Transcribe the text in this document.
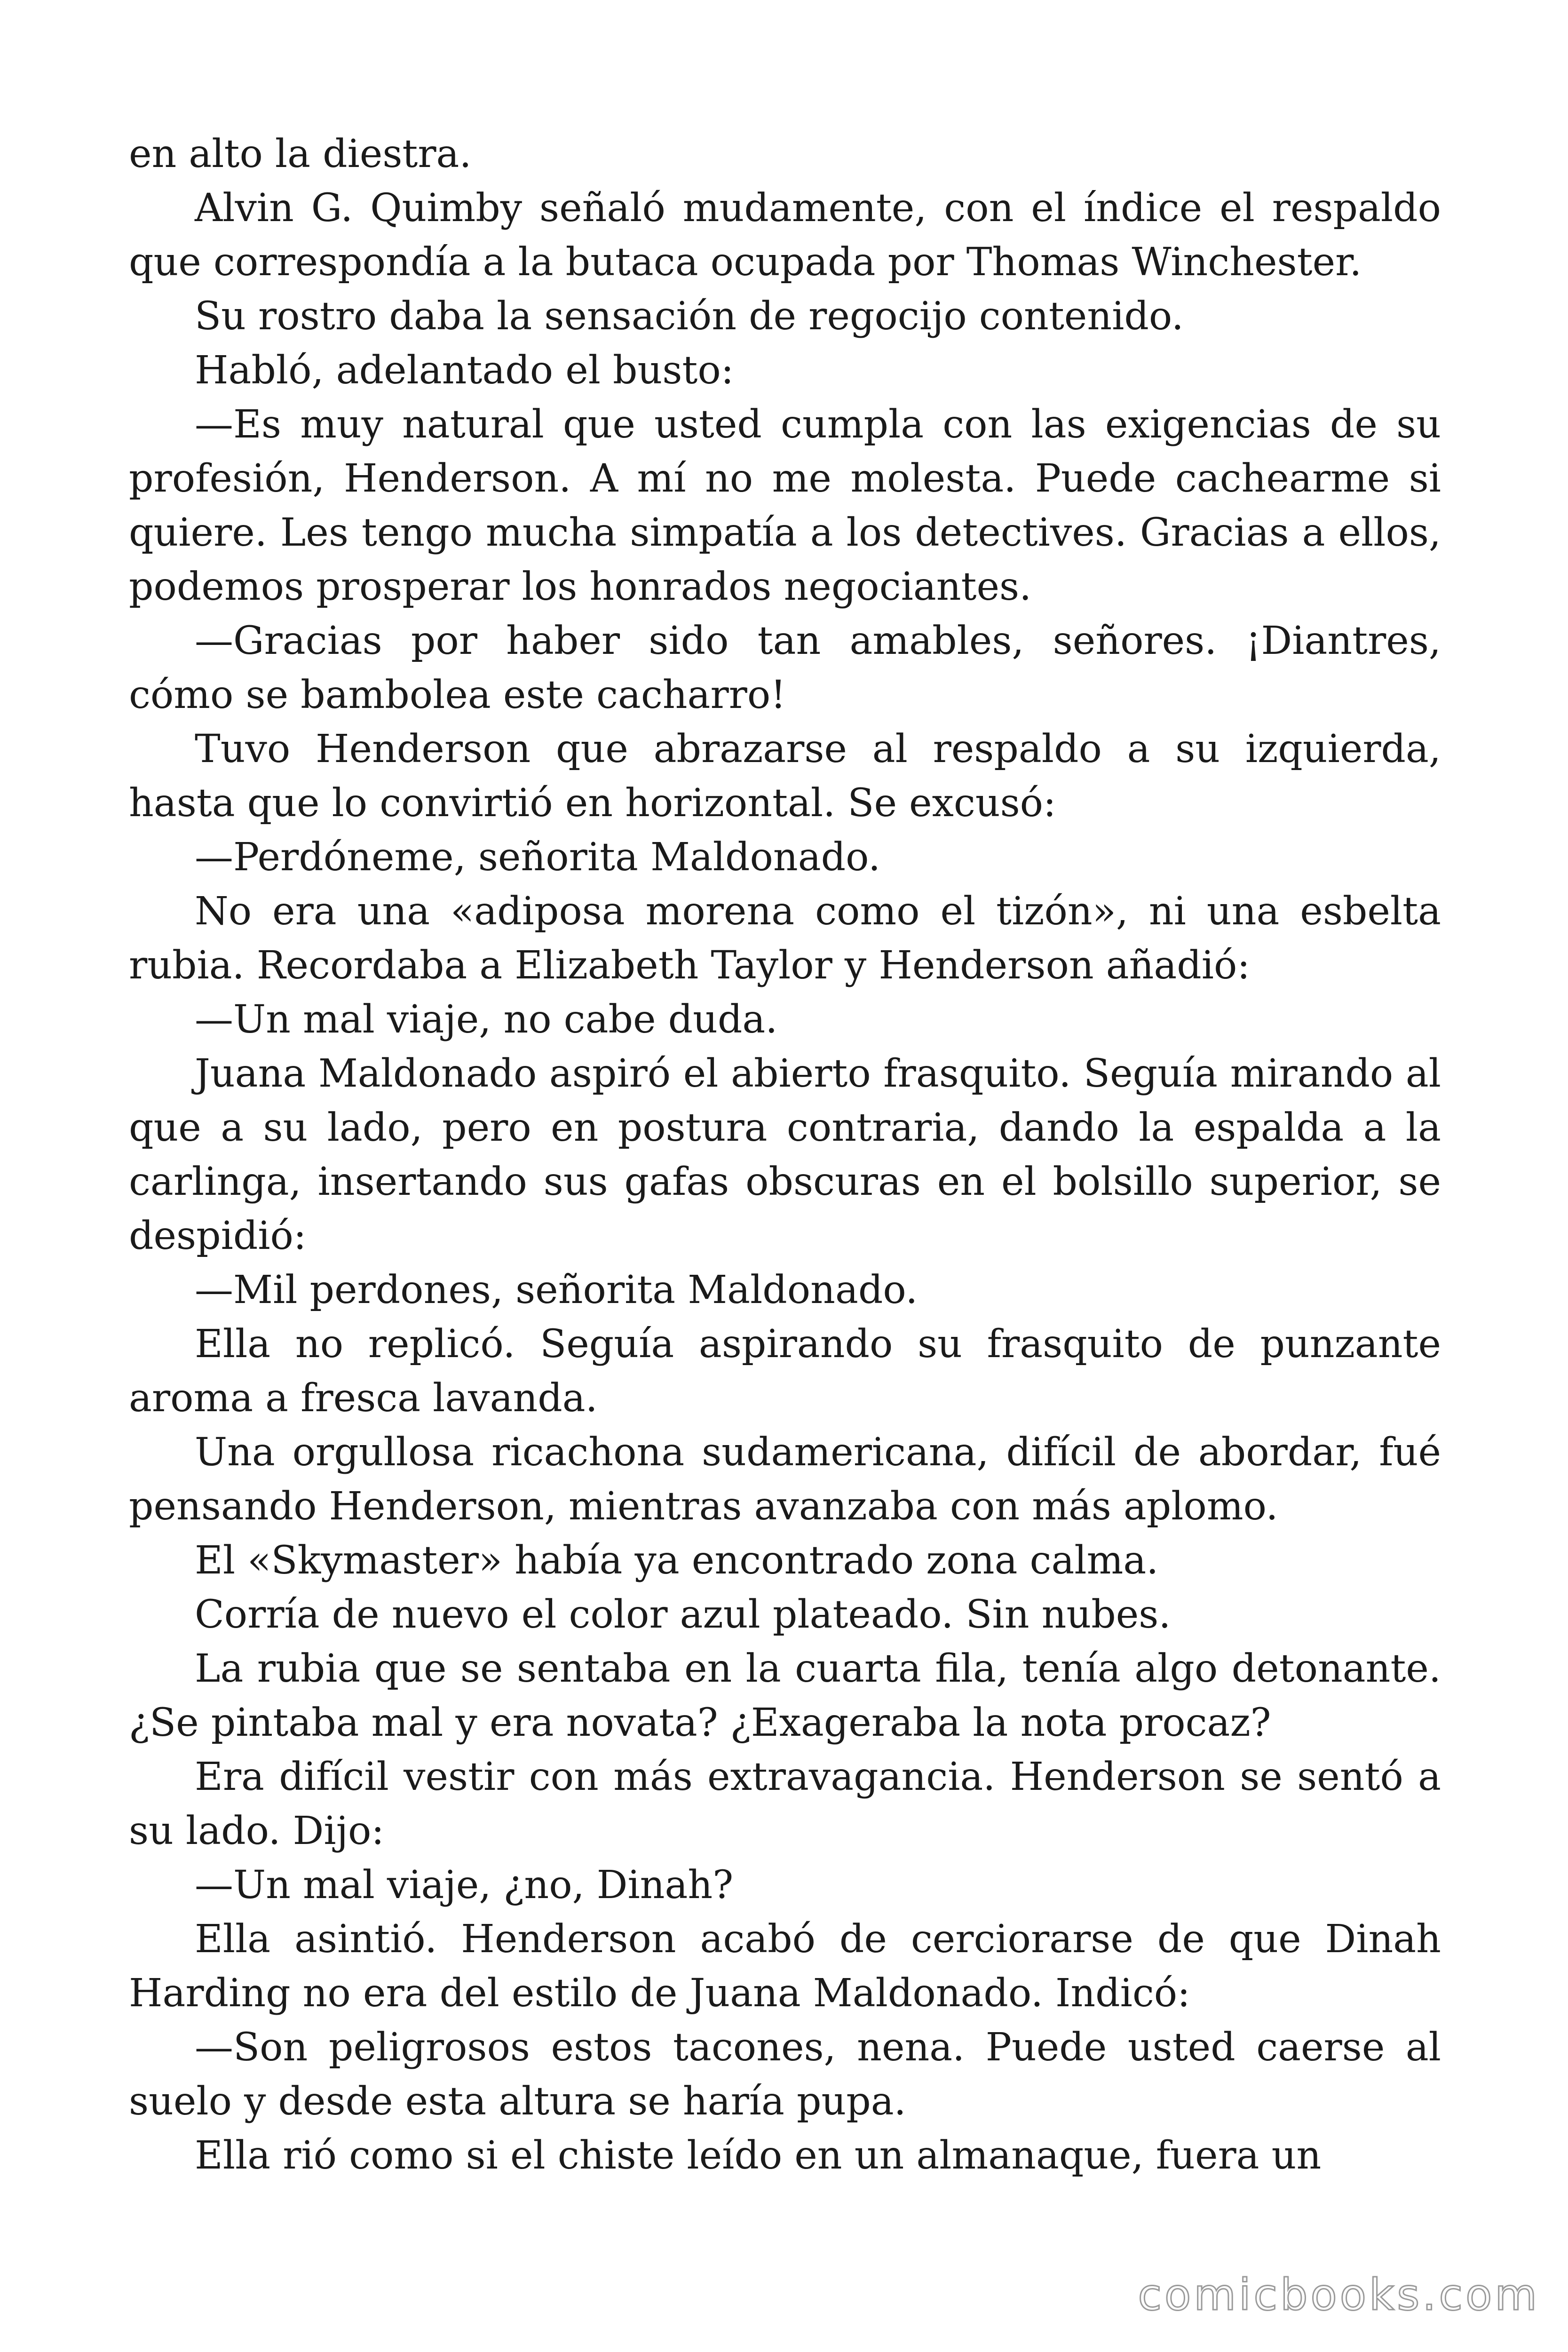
en alto la diestra.

Alvin G. Quimby señaló mudamente, con el índice el respaldo que correspondía a la butaca ocupada por Thomas Winchester.

Su rostro daba la sensación de regocijo contenido.

Habló, adelantado el busto:

—Es muy natural que usted cumpla con las exigencias de su profesión, Henderson. A mí no me molesta. Puede cachearme si quiere. Les tengo mucha simpatía a los detectives. Gracias a ellos, podemos prosperar los honrados negociantes.

—Gracias por haber sido tan amables, señores. ¡Diantres, cómo se bambolea este cacharro!

Tuvo Henderson que abrazarse al respaldo a su izquierda, hasta que lo convirtió en horizontal. Se excusó:

—Perdóneme, señorita Maldonado.

No era una «adiposa morena como el tizón», ni una esbelta rubia. Recordaba a Elizabeth Taylor y Henderson añadió:

—Un mal viaje, no cabe duda.

Juana Maldonado aspiró el abierto frasquito. Seguía mirando al que a su lado, pero en postura contraria, dando la espalda a la carlinga, insertando sus gafas obscuras en el bolsillo superior, se despidió:

—Mil perdones, señorita Maldonado.

Ella no replicó. Seguía aspirando su frasquito de punzante aroma a fresca lavanda.

Una orgullosa ricachona sudamericana, difícil de abordar, fué pensando Henderson, mientras avanzaba con más aplomo.

El «Skymaster» había ya encontrado zona calma.

Corría de nuevo el color azul plateado. Sin nubes.

La rubia que se sentaba en la cuarta fila, tenía algo detonante. ¿Se pintaba mal y era novata? ¿Exageraba la nota procaz?

Era difícil vestir con más extravagancia. Henderson se sentó a su lado. Dijo:

—Un mal viaje, ¿no, Dinah?

Ella asintió. Henderson acabó de cerciorarse de que Dinah Harding no era del estilo de Juana Maldonado. Indicó:

—Son peligrosos estos tacones, nena. Puede usted caerse al suelo y desde esta altura se haría pupa.

Ella rió como si el chiste leído en un almanaque, fuera un

comicbooks.com
